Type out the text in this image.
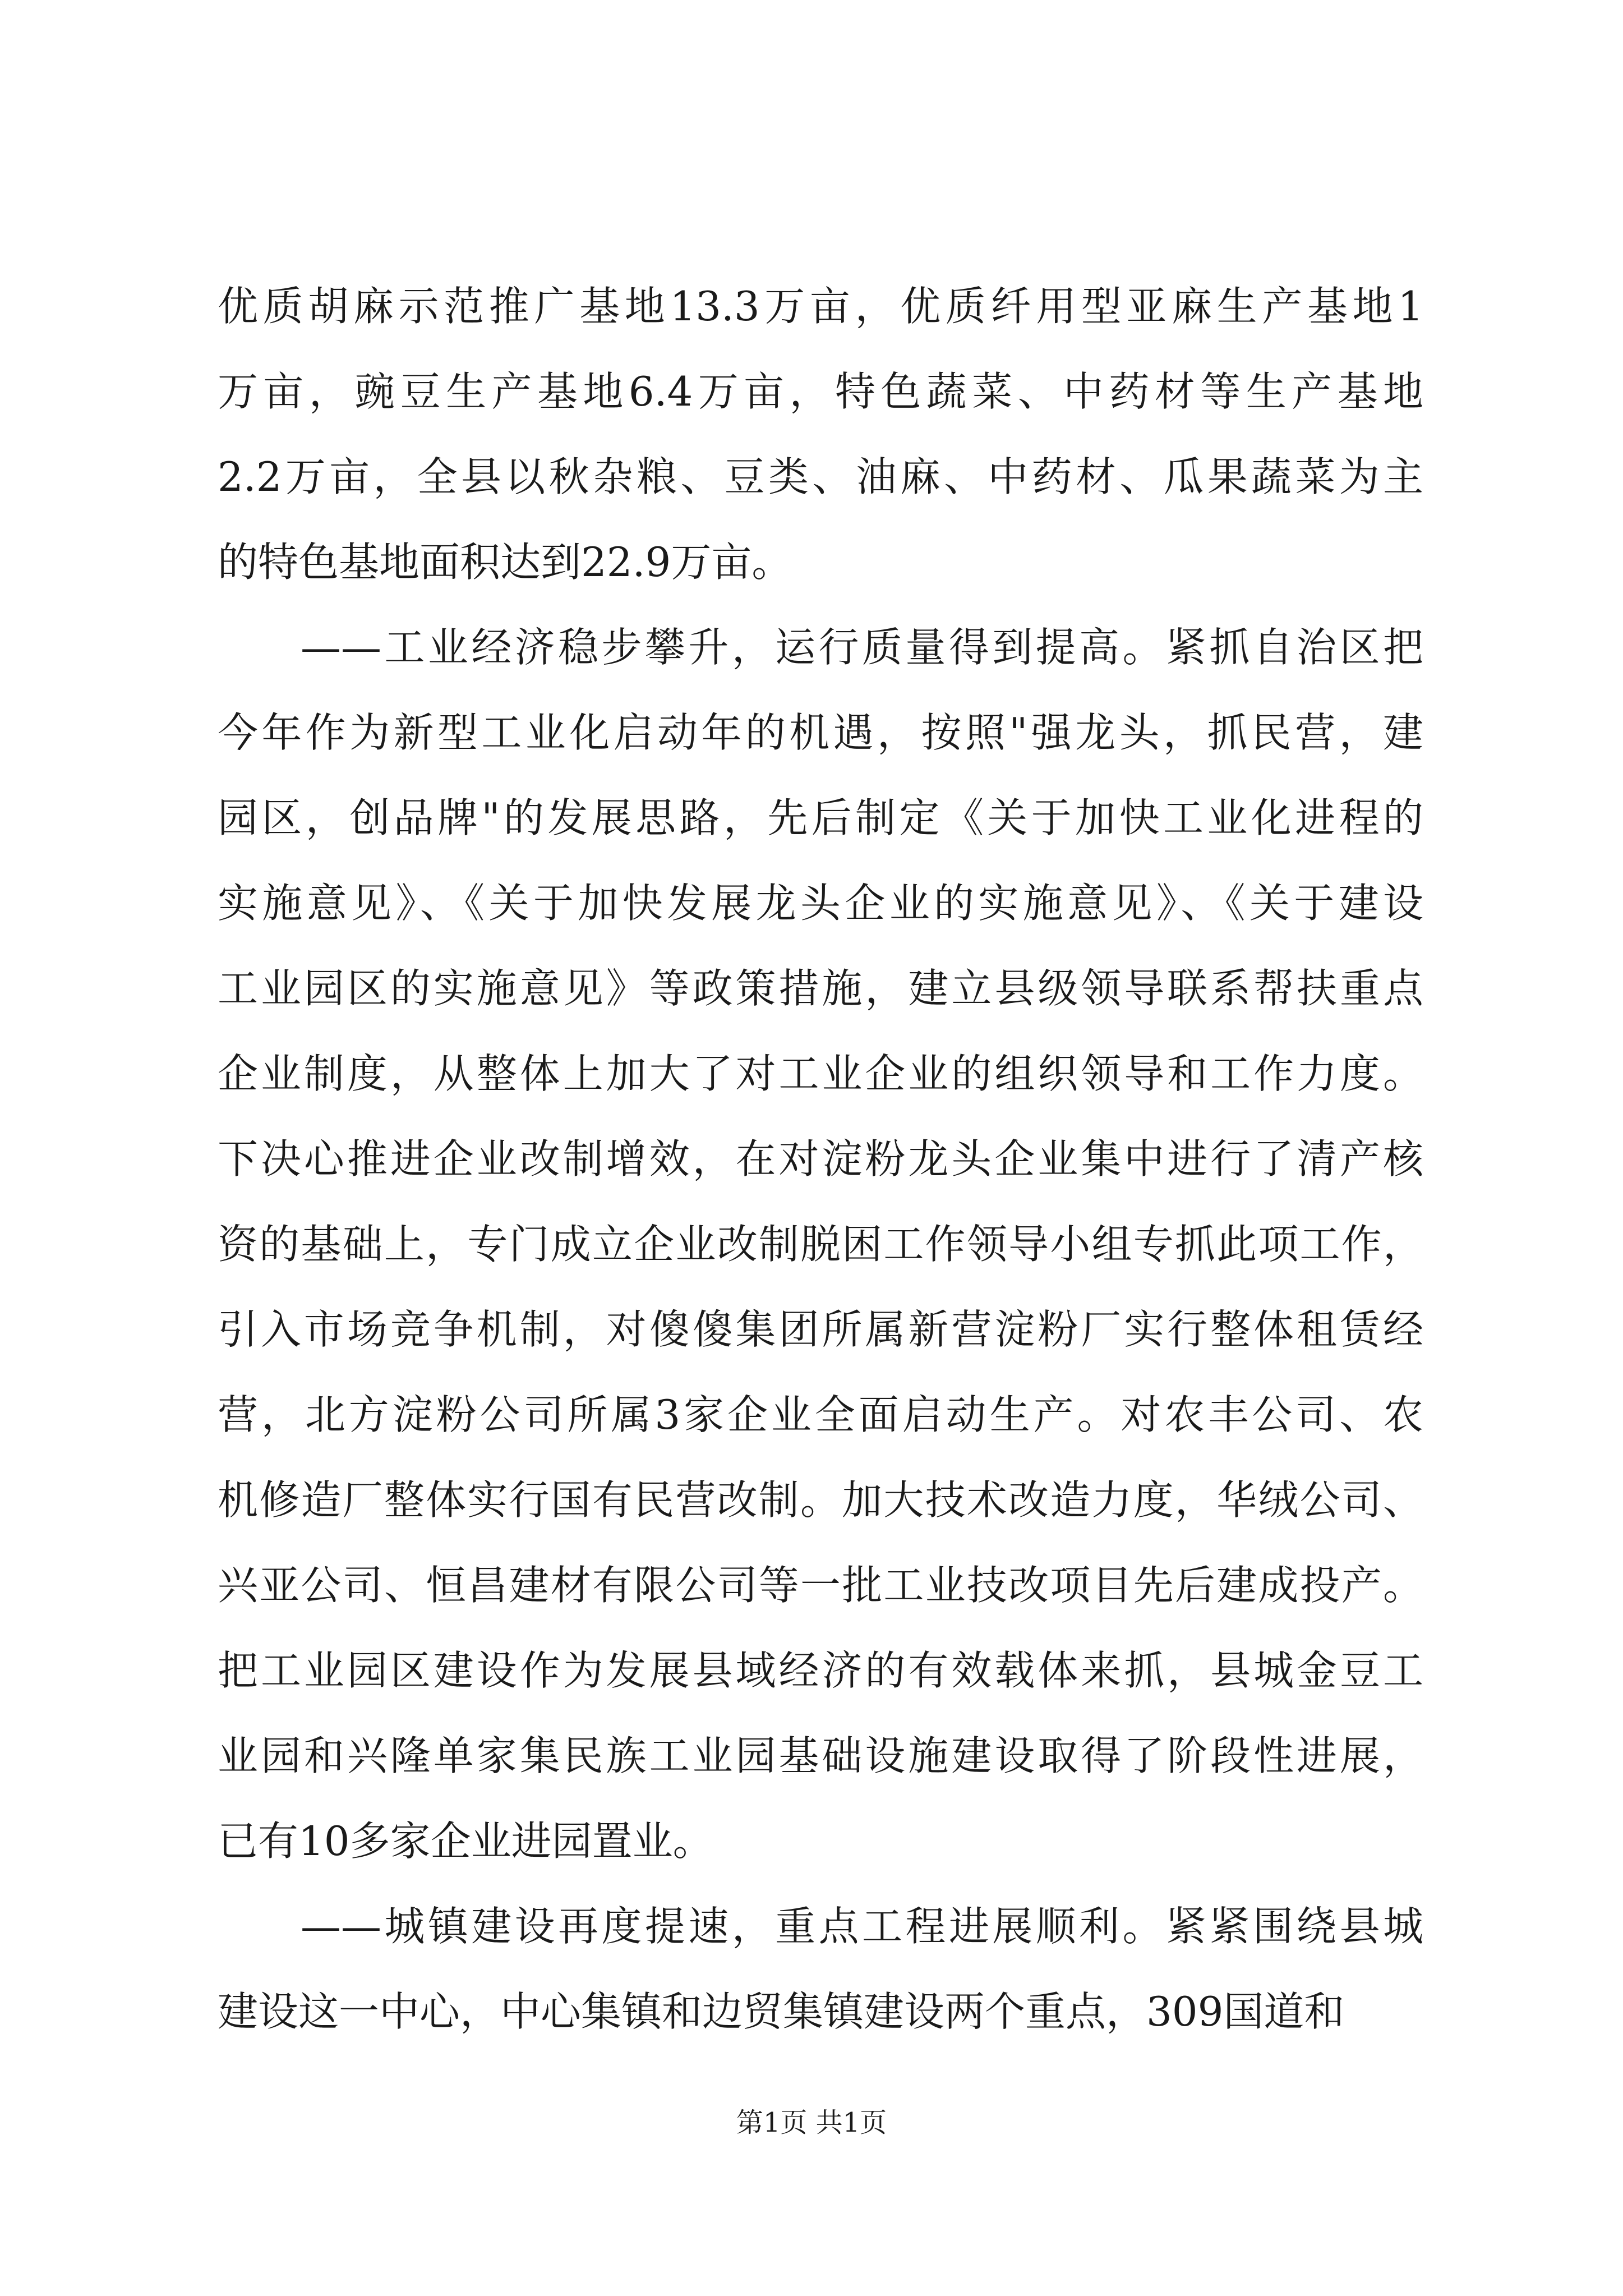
优质胡麻示范推广基地13.3万亩，优质纤用型亚麻生产基地1
万亩，豌豆生产基地6.4万亩，特色蔬菜、中药材等生产基地
2.2万亩，全县以秋杂粮、豆类、油麻、中药材、瓜果蔬菜为主
的特色基地面积达到22.9万亩。
——工业经济稳步攀升，运行质量得到提高。紧抓自治区把
今年作为新型工业化启动年的机遇，按照"强龙头，抓民营，建
园区，创品牌"的发展思路，先后制定《关于加快工业化进程的
实施意见》、《关于加快发展龙头企业的实施意见》、《关于建设
工业园区的实施意见》等政策措施，建立县级领导联系帮扶重点
企业制度，从整体上加大了对工业企业的组织领导和工作力度。
下决心推进企业改制增效，在对淀粉龙头企业集中进行了清产核
资的基础上，专门成立企业改制脱困工作领导小组专抓此项工作，
引入市场竞争机制，对傻傻集团所属新营淀粉厂实行整体租赁经
营，北方淀粉公司所属3家企业全面启动生产。对农丰公司、农
机修造厂整体实行国有民营改制。加大技术改造力度，华绒公司、
兴亚公司、恒昌建材有限公司等一批工业技改项目先后建成投产。
把工业园区建设作为发展县域经济的有效载体来抓，县城金豆工
业园和兴隆单家集民族工业园基础设施建设取得了阶段性进展，
已有10多家企业进园置业。
——城镇建设再度提速，重点工程进展顺利。紧紧围绕县城
建设这一中心，中心集镇和边贸集镇建设两个重点，309国道和
第1页 共1页
